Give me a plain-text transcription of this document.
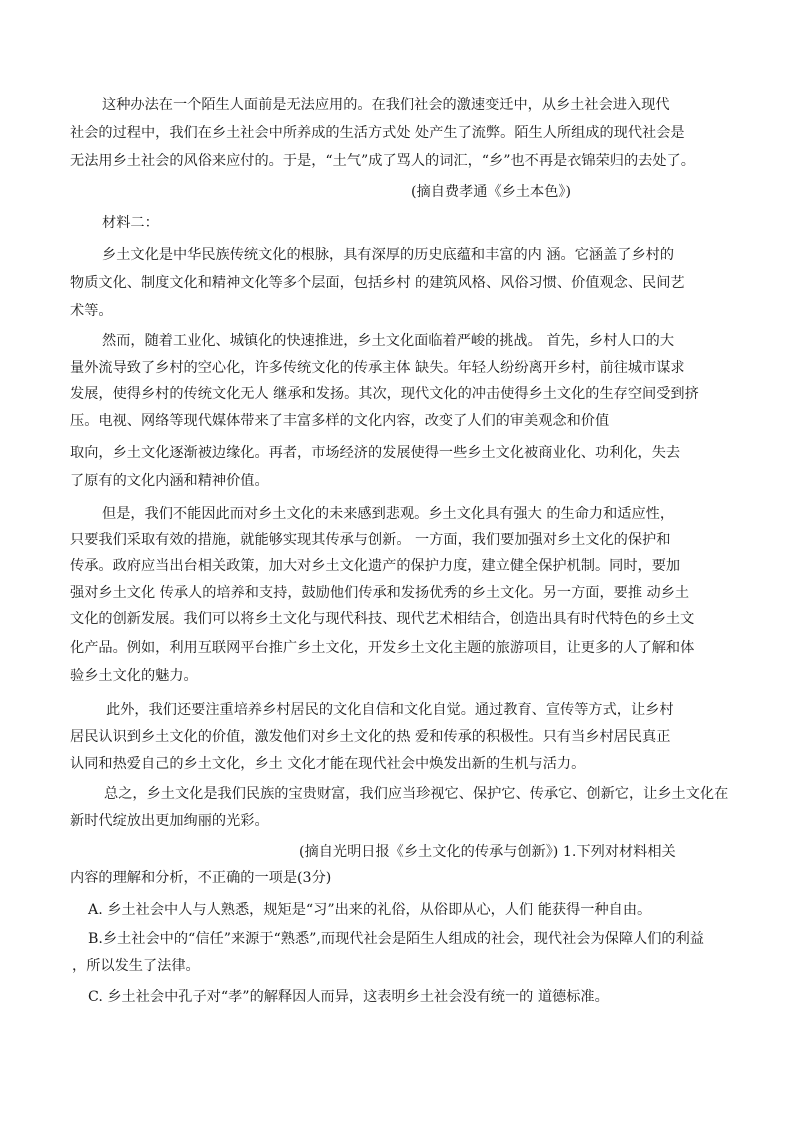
这种办法在一个陌生人面前是无法应用的。在我们社会的激速变迁中，从乡土社会进入现代
社会的过程中，我们在乡土社会中所养成的生活方式处 处产生了流弊。陌生人所组成的现代社会是
无法用乡土社会的风俗来应付的。于是，“土气”成了骂人的词汇，“乡”也不再是衣锦荣归的去处了。
(摘自费孝通《乡土本色》)
材料二：
乡土文化是中华民族传统文化的根脉，具有深厚的历史底蕴和丰富的内 涵。它涵盖了乡村的
物质文化、制度文化和精神文化等多个层面，包括乡村 的建筑风格、风俗习惯、价值观念、民间艺
术等。
然而，随着工业化、城镇化的快速推进，乡土文化面临着严峻的挑战。 首先，乡村人口的大
量外流导致了乡村的空心化，许多传统文化的传承主体 缺失。年轻人纷纷离开乡村，前往城市谋求
发展，使得乡村的传统文化无人 继承和发扬。其次，现代文化的冲击使得乡土文化的生存空间受到挤
压。电视、网络等现代媒体带来了丰富多样的文化内容，改变了人们的审美观念和价值
取向，乡土文化逐渐被边缘化。再者，市场经济的发展使得一些乡土文化被商业化、功利化，失去
了原有的文化内涵和精神价值。
但是，我们不能因此而对乡土文化的未来感到悲观。乡土文化具有强大 的生命力和适应性，
只要我们采取有效的措施，就能够实现其传承与创新。 一方面，我们要加强对乡土文化的保护和
传承。政府应当出台相关政策，加大对乡土文化遗产的保护力度，建立健全保护机制。同时，要加
强对乡土文化 传承人的培养和支持，鼓励他们传承和发扬优秀的乡土文化。另一方面，要推 动乡土
文化的创新发展。我们可以将乡土文化与现代科技、现代艺术相结合，创造出具有时代特色的乡土文
化产品。例如，利用互联网平台推广乡土文化，开发乡土文化主题的旅游项目，让更多的人了解和体
验乡土文化的魅力。
此外，我们还要注重培养乡村居民的文化自信和文化自觉。通过教育、宣传等方式，让乡村
居民认识到乡土文化的价值，激发他们对乡土文化的热 爱和传承的积极性。只有当乡村居民真正
认同和热爱自己的乡土文化，乡土 文化才能在现代社会中焕发出新的生机与活力。
总之，乡土文化是我们民族的宝贵财富，我们应当珍视它、保护它、传承它、创新它，让乡土文化在
新时代绽放出更加绚丽的光彩。
(摘自光明日报《乡土文化的传承与创新》) 1.下列对材料相关
内容的理解和分析，不正确的一项是(3分)
A. 乡土社会中人与人熟悉，规矩是“习”出来的礼俗，从俗即从心，人们 能获得一种自由。
B.乡土社会中的“信任”来源于“熟悉”,而现代社会是陌生人组成的社会，现代社会为保障人们的利益
，所以发生了法律。
C. 乡土社会中孔子对“孝”的解释因人而异，这表明乡土社会没有统一的 道德标准。
